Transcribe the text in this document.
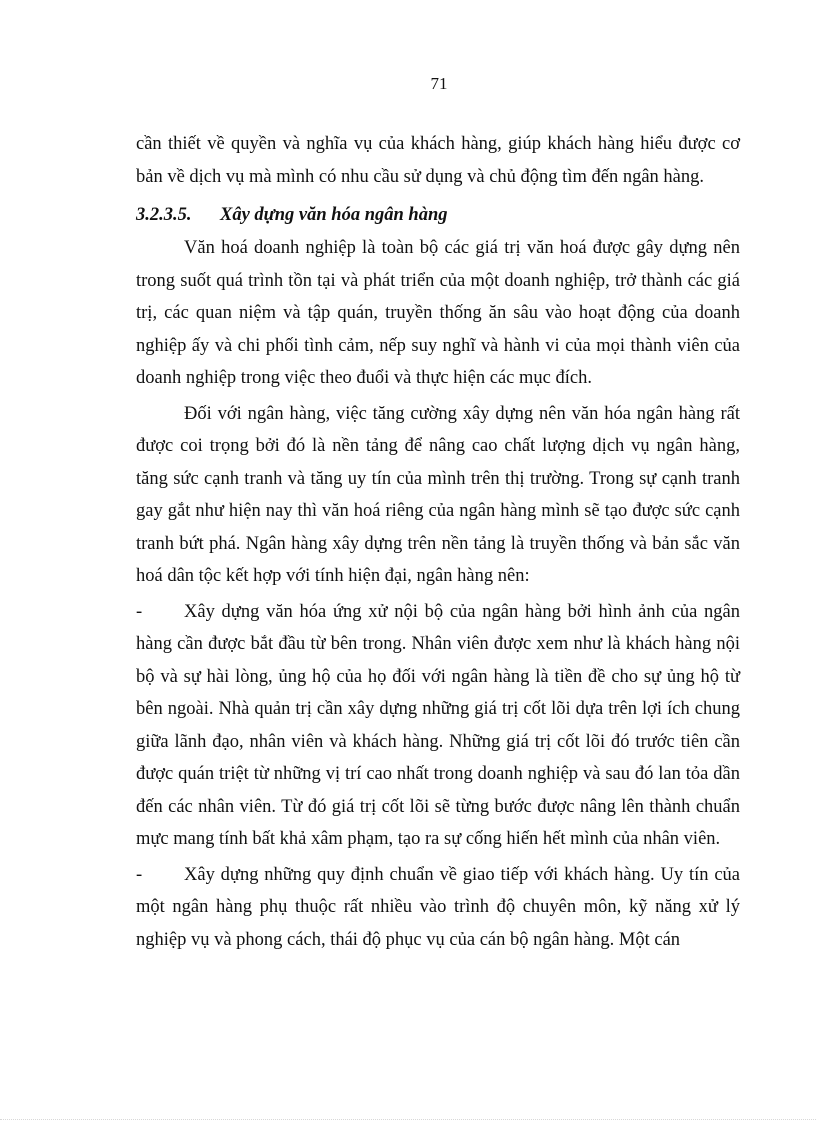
71

cần thiết về quyền và nghĩa vụ của khách hàng, giúp khách hàng hiểu được cơ bản về dịch vụ mà mình có nhu cầu sử dụng và chủ động tìm đến ngân hàng.

3.2.3.5. Xây dựng văn hóa ngân hàng

Văn hoá doanh nghiệp là toàn bộ các giá trị văn hoá được gây dựng nên trong suốt quá trình tồn tại và phát triển của một doanh nghiệp, trở thành các giá trị, các quan niệm và tập quán, truyền thống ăn sâu vào hoạt động của doanh nghiệp ấy và chi phối tình cảm, nếp suy nghĩ và hành vi của mọi thành viên của doanh nghiệp trong việc theo đuổi và thực hiện các mục đích.

Đối với ngân hàng, việc tăng cường xây dựng nên văn hóa ngân hàng rất được coi trọng bởi đó là nền tảng để nâng cao chất lượng dịch vụ ngân hàng, tăng sức cạnh tranh và tăng uy tín của mình trên thị trường. Trong sự cạnh tranh gay gắt như hiện nay thì văn hoá riêng của ngân hàng mình sẽ tạo được sức cạnh tranh bứt phá. Ngân hàng xây dựng trên nền tảng là truyền thống và bản sắc văn hoá dân tộc kết hợp với tính hiện đại, ngân hàng nên:

- Xây dựng văn hóa ứng xử nội bộ của ngân hàng bởi hình ảnh của ngân hàng cần được bắt đầu từ bên trong. Nhân viên được xem như là khách hàng nội bộ và sự hài lòng, ủng hộ của họ đối với ngân hàng là tiền đề cho sự ủng hộ từ bên ngoài. Nhà quản trị cần xây dựng những giá trị cốt lõi dựa trên lợi ích chung giữa lãnh đạo, nhân viên và khách hàng. Những giá trị cốt lõi đó trước tiên cần được quán triệt từ những vị trí cao nhất trong doanh nghiệp và sau đó lan tỏa dần đến các nhân viên. Từ đó giá trị cốt lõi sẽ từng bước được nâng lên thành chuẩn mực mang tính bất khả xâm phạm, tạo ra sự cống hiến hết mình của nhân viên.
- Xây dựng những quy định chuẩn về giao tiếp với khách hàng. Uy tín của một ngân hàng phụ thuộc rất nhiều vào trình độ chuyên môn, kỹ năng xử lý nghiệp vụ và phong cách, thái độ phục vụ của cán bộ ngân hàng. Một cán
